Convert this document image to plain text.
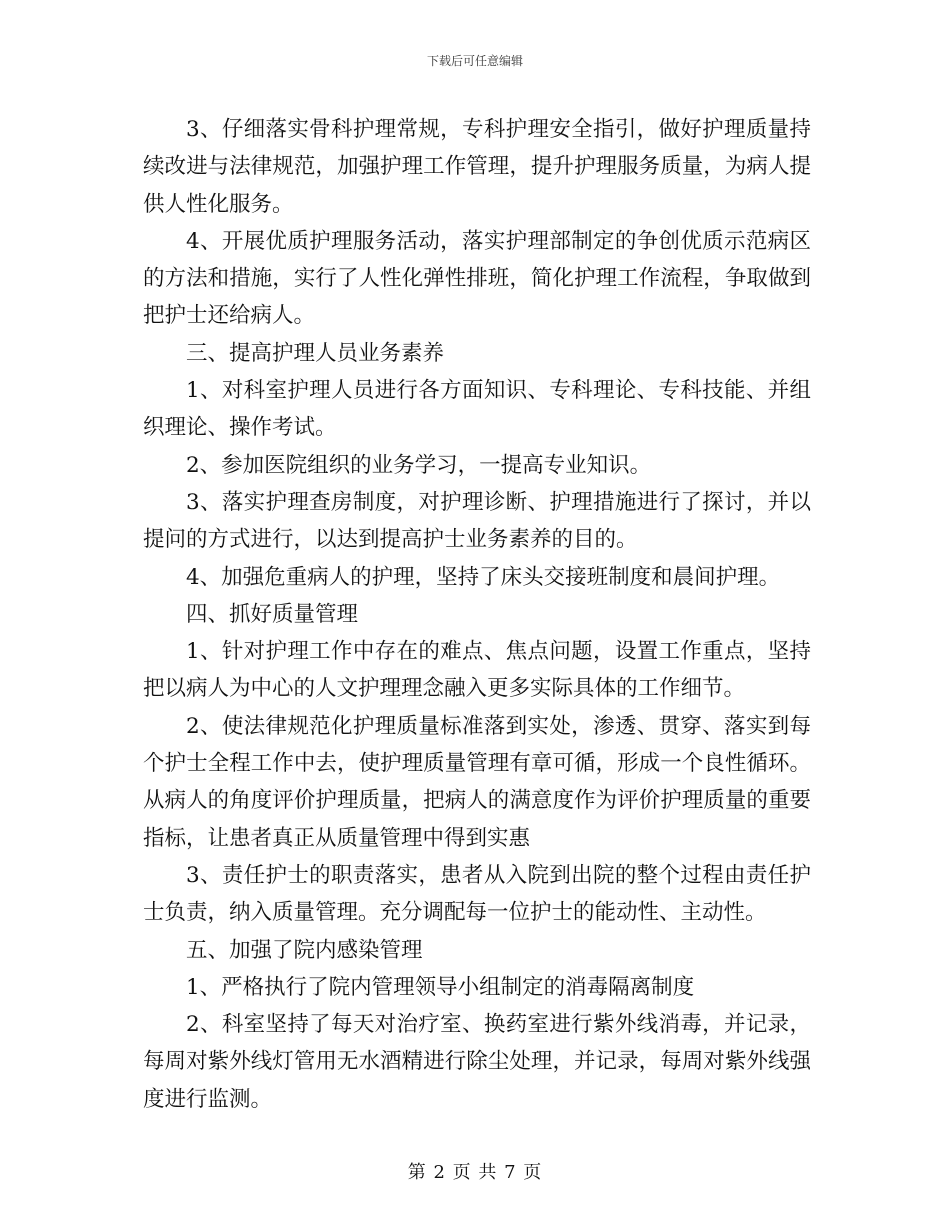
下载后可任意编辑

3、仔细落实骨科护理常规，专科护理安全指引，做好护理质量持续改进与法律规范，加强护理工作管理，提升护理服务质量，为病人提供人性化服务。

4、开展优质护理服务活动，落实护理部制定的争创优质示范病区的方法和措施，实行了人性化弹性排班，简化护理工作流程，争取做到把护士还给病人。

三、提高护理人员业务素养

1、对科室护理人员进行各方面知识、专科理论、专科技能、并组织理论、操作考试。

2、参加医院组织的业务学习，一提高专业知识。

3、落实护理查房制度，对护理诊断、护理措施进行了探讨，并以提问的方式进行，以达到提高护士业务素养的目的。

4、加强危重病人的护理，坚持了床头交接班制度和晨间护理。

四、抓好质量管理

1、针对护理工作中存在的难点、焦点问题，设置工作重点，坚持把以病人为中心的人文护理理念融入更多实际具体的工作细节。

2、使法律规范化护理质量标准落到实处，渗透、贯穿、落实到每个护士全程工作中去，使护理质量管理有章可循，形成一个良性循环。从病人的角度评价护理质量，把病人的满意度作为评价护理质量的重要指标，让患者真正从质量管理中得到实惠

3、责任护士的职责落实，患者从入院到出院的整个过程由责任护士负责，纳入质量管理。充分调配每一位护士的能动性、主动性。

五、加强了院内感染管理

1、严格执行了院内管理领导小组制定的消毒隔离制度

2、科室坚持了每天对治疗室、换药室进行紫外线消毒，并记录，每周对紫外线灯管用无水酒精进行除尘处理，并记录，每周对紫外线强度进行监测。

第 2 页 共 7 页
